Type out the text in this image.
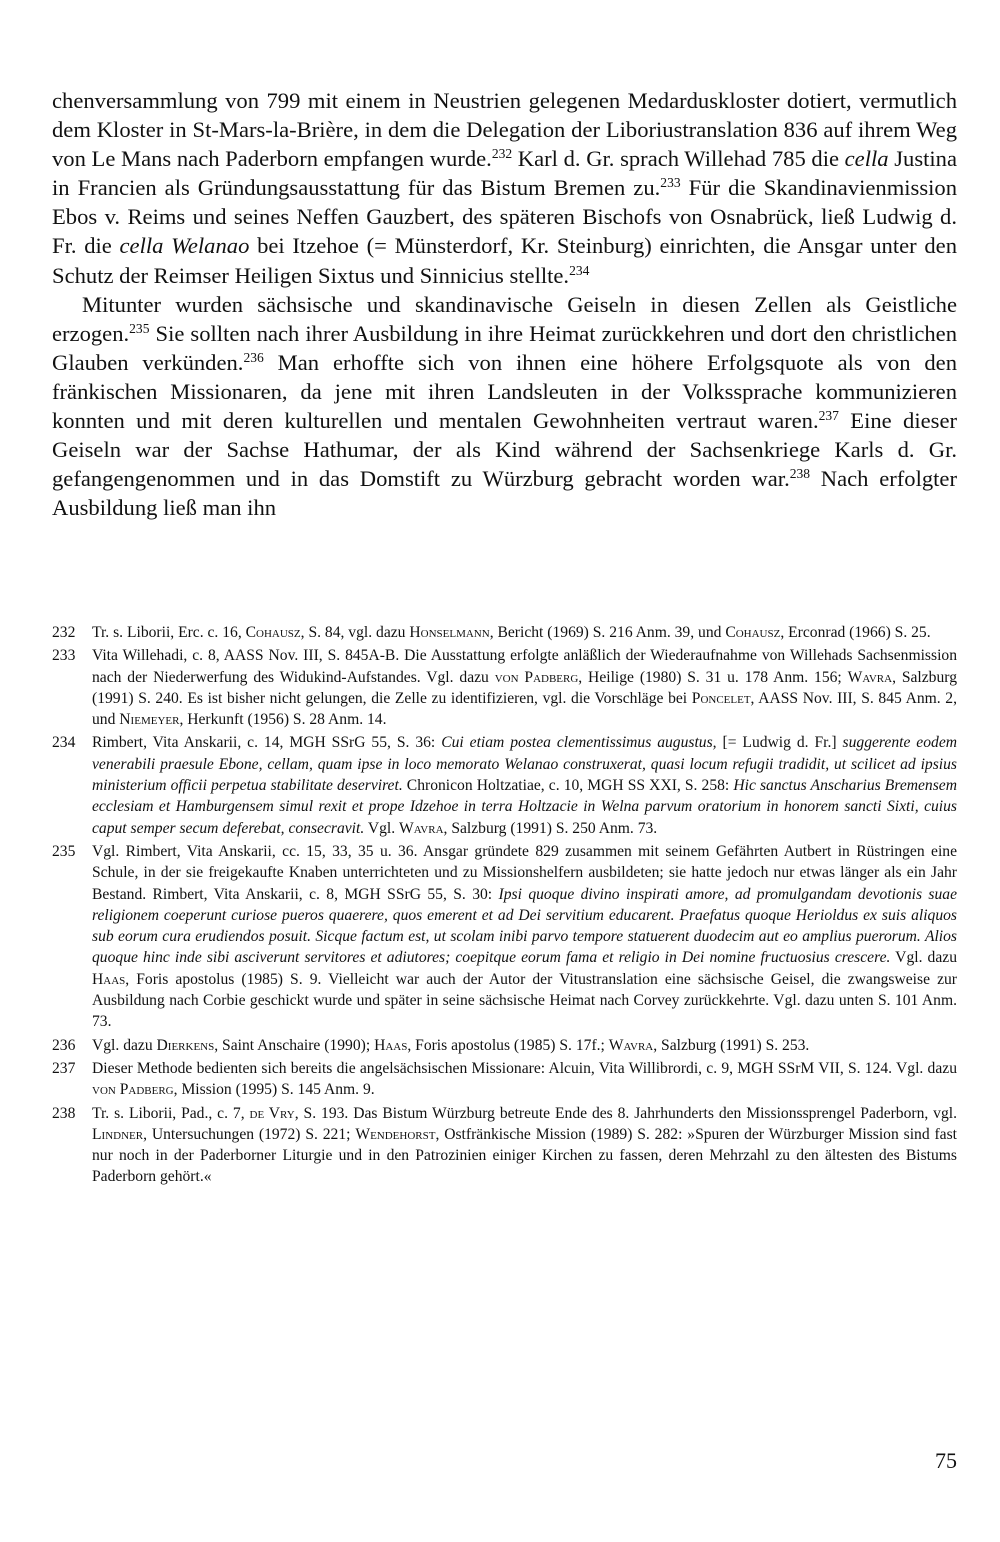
chenversammlung von 799 mit einem in Neustrien gelegenen Medarduskloster dotiert, vermutlich dem Kloster in St-Mars-la-Brière, in dem die Delegation der Liboriustranslation 836 auf ihrem Weg von Le Mans nach Paderborn empfangen wurde.$^{232}$ Karl d. Gr. sprach Willehad 785 die cella Justina in Francien als Gründungsausstattung für das Bistum Bremen zu.$^{233}$ Für die Skandinavienmission Ebos v. Reims und seines Neffen Gauzbert, des späteren Bischofs von Osnabrück, ließ Ludwig d. Fr. die cella Welanao bei Itzehoe (= Münsterdorf, Kr. Steinburg) einrichten, die Ansgar unter den Schutz der Reimser Heiligen Sixtus und Sinnicius stellte.$^{234}$

Mitunter wurden sächsische und skandinavische Geiseln in diesen Zellen als Geistliche erzogen.$^{235}$ Sie sollten nach ihrer Ausbildung in ihre Heimat zurückkehren und dort den christlichen Glauben verkünden.$^{236}$ Man erhoffte sich von ihnen eine höhere Erfolgsquote als von den fränkischen Missionaren, da jene mit ihren Landsleuten in der Volkssprache kommunizieren konnten und mit deren kulturellen und mentalen Gewohnheiten vertraut waren.$^{237}$ Eine dieser Geiseln war der Sachse Hathumar, der als Kind während der Sachsenkriege Karls d. Gr. gefangengenommen und in das Domstift zu Würzburg gebracht worden war.$^{238}$ Nach erfolgter Ausbildung ließ man ihn

232 Tr. s. Liborii, Erc. c. 16, Cohausz, S. 84, vgl. dazu Honselmann, Bericht (1969) S. 216 Anm. 39, und Cohausz, Erconrad (1966) S. 25.
233 Vita Willehadi, c. 8, AASS Nov. III, S. 845A-B. Die Ausstattung erfolgte anläßlich der Wiederaufnahme von Willehads Sachsenmission nach der Niederwerfung des Widukind-Aufstandes. Vgl. dazu von Padberg, Heilige (1980) S. 31 u. 178 Anm. 156; Wavra, Salzburg (1991) S. 240. Es ist bisher nicht gelungen, die Zelle zu identifizieren, vgl. die Vorschläge bei Poncelet, AASS Nov. III, S. 845 Anm. 2, und Niemeyer, Herkunft (1956) S. 28 Anm. 14.
234 Rimbert, Vita Anskarii, c. 14, MGH SSrG 55, S. 36: Cui etiam postea clementissimus augustus, [= Ludwig d. Fr.] suggerente eodem venerabili praesule Ebone, cellam, quam ipse in loco memorato Welanao construxerat, quasi locum refugii tradidit, ut scilicet ad ipsius ministerium officii perpetua stabilitate deserviret. Chronicon Holtzatiae, c. 10, MGH SS XXI, S. 258: Hic sanctus Anscharius Bremensem ecclesiam et Hamburgensem simul rexit et prope Idzehoe in terra Holtzacie in Welna parvum oratorium in honorem sancti Sixti, cuius caput semper secum deferebat, consecravit. Vgl. Wavra, Salzburg (1991) S. 250 Anm. 73.
235 Vgl. Rimbert, Vita Anskarii, cc. 15, 33, 35 u. 36. Ansgar gründete 829 zusammen mit seinem Gefährten Autbert in Rüstringen eine Schule, in der sie freigekaufte Knaben unterrichteten und zu Missionshelfern ausbildeten; sie hatte jedoch nur etwas länger als ein Jahr Bestand. Rimbert, Vita Anskarii, c. 8, MGH SSrG 55, S. 30: Ipsi quoque divino inspirati amore, ad promulgandam devotionis suae religionem coeperunt curiose pueros quaerere, quos emerent et ad Dei servitium educarent. Praefatus quoque Herioldus ex suis aliquos sub eorum cura erudiendos posuit. Sicque factum est, ut scolam inibi parvo tempore statuerent duodecim aut eo amplius puerorum. Alios quoque hinc inde sibi asciverunt servitores et adiutores; coepitque eorum fama et religio in Dei nomine fructuosius crescere. Vgl. dazu Haas, Foris apostolus (1985) S. 9. Vielleicht war auch der Autor der Vitustranslation eine sächsische Geisel, die zwangsweise zur Ausbildung nach Corbie geschickt wurde und später in seine sächsische Heimat nach Corvey zurückkehrte. Vgl. dazu unten S. 101 Anm. 73.
236 Vgl. dazu Dierkens, Saint Anschaire (1990); Haas, Foris apostolus (1985) S. 17f.; Wavra, Salzburg (1991) S. 253.
237 Dieser Methode bedienten sich bereits die angelsächsischen Missionare: Alcuin, Vita Willibrordi, c. 9, MGH SSrM VII, S. 124. Vgl. dazu von Padberg, Mission (1995) S. 145 Anm. 9.
238 Tr. s. Liborii, Pad., c. 7, de Vry, S. 193. Das Bistum Würzburg betreute Ende des 8. Jahrhunderts den Missionssprengel Paderborn, vgl. Lindner, Untersuchungen (1972) S. 221; Wendehorst, Ostfränkische Mission (1989) S. 282: »Spuren der Würzburger Mission sind fast nur noch in der Paderborner Liturgie und in den Patrozinien einiger Kirchen zu fassen, deren Mehrzahl zu den ältesten des Bistums Paderborn gehört.«
75
